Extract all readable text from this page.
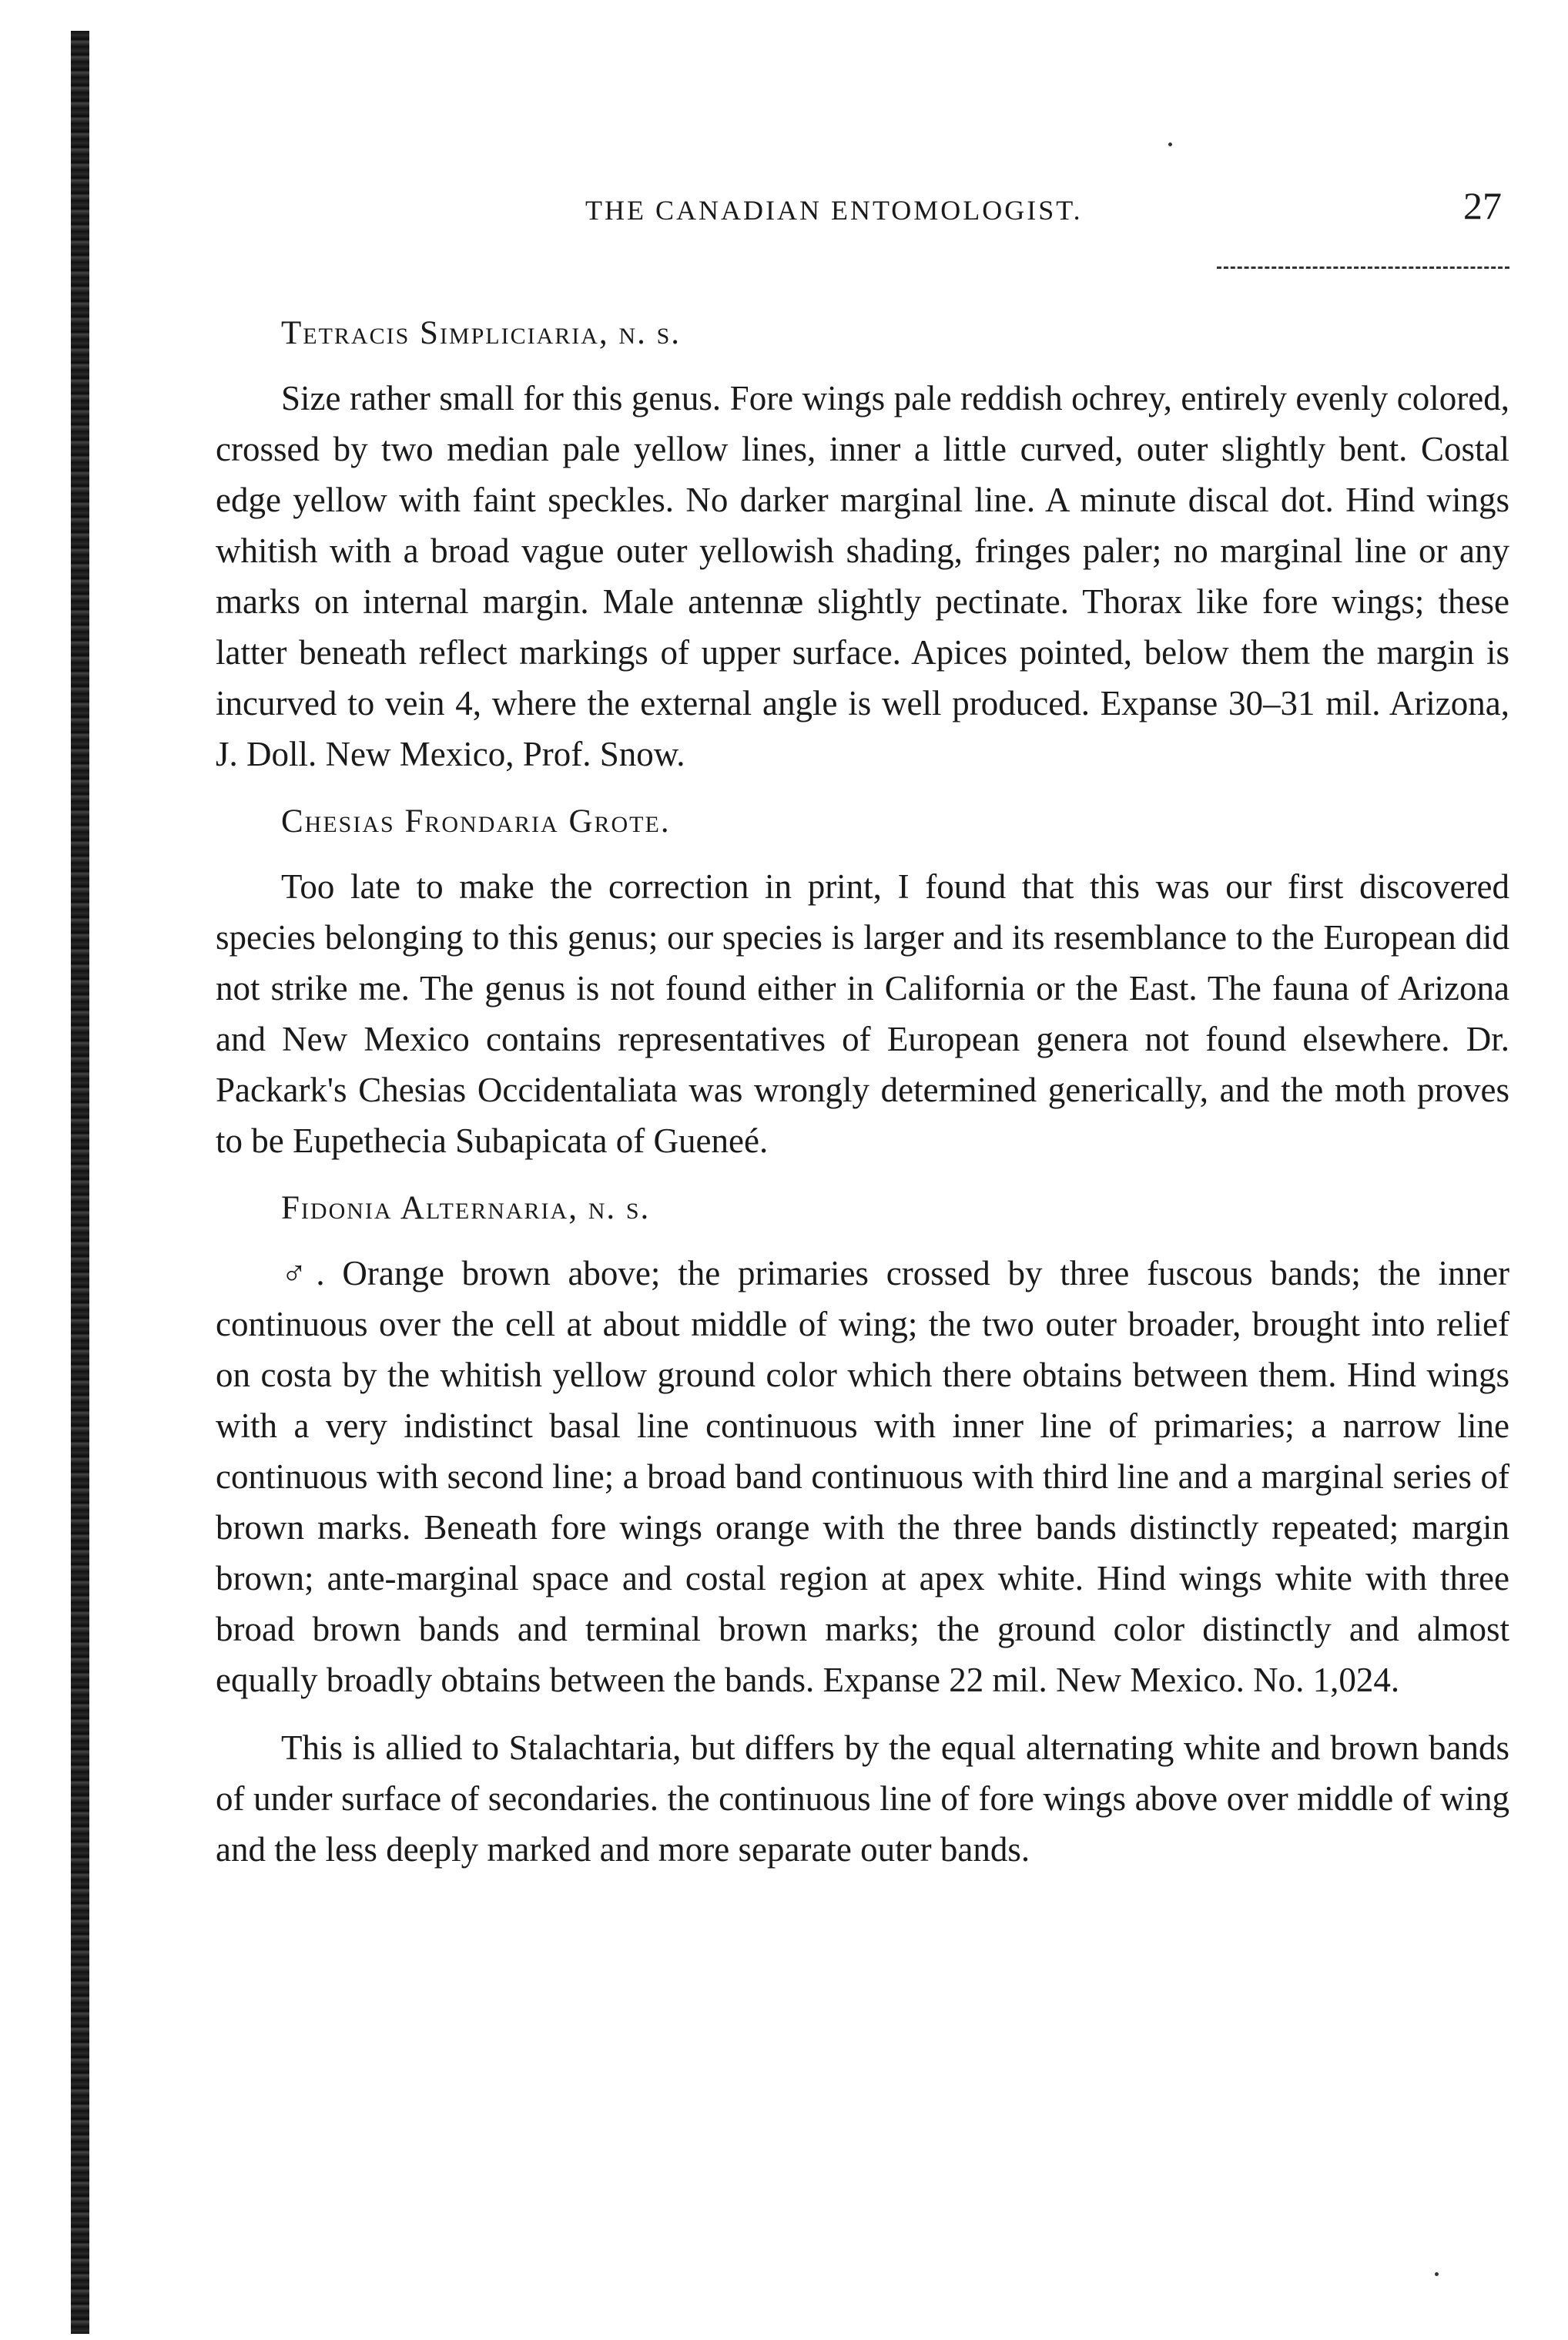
THE CANADIAN ENTOMOLOGIST.	27

Tetracis Simpliciaria, n. s.

Size rather small for this genus. Fore wings pale reddish ochrey, entirely evenly colored, crossed by two median pale yellow lines, inner a little curved, outer slightly bent. Costal edge yellow with faint speckles. No darker marginal line. A minute discal dot. Hind wings whitish with a broad vague outer yellowish shading, fringes paler; no marginal line or any marks on internal margin. Male antennæ slightly pectinate. Thorax like fore wings; these latter beneath reflect markings of upper surface. Apices pointed, below them the margin is incurved to vein 4, where the external angle is well produced. Expanse 30–31 mil. Arizona, J. Doll. New Mexico, Prof. Snow.

Chesias Frondaria Grote.

Too late to make the correction in print, I found that this was our first discovered species belonging to this genus; our species is larger and its resemblance to the European did not strike me. The genus is not found either in California or the East. The fauna of Arizona and New Mexico contains representatives of European genera not found elsewhere. Dr. Packark's Chesias Occidentaliata was wrongly determined generically, and the moth proves to be Eupethecia Subapicata of Gueneé.

Fidonia Alternaria, n. s.

♂. Orange brown above; the primaries crossed by three fuscous bands; the inner continuous over the cell at about middle of wing; the two outer broader, brought into relief on costa by the whitish yellow ground color which there obtains between them. Hind wings with a very indistinct basal line continuous with inner line of primaries; a narrow line continuous with second line; a broad band continuous with third line and a marginal series of brown marks. Beneath fore wings orange with the three bands distinctly repeated; margin brown; ante-marginal space and costal region at apex white. Hind wings white with three broad brown bands and terminal brown marks; the ground color distinctly and almost equally broadly obtains between the bands. Expanse 22 mil. New Mexico. No. 1,024.

This is allied to Stalachtaria, but differs by the equal alternating white and brown bands of under surface of secondaries. the continuous line of fore wings above over middle of wing and the less deeply marked and more separate outer bands.
